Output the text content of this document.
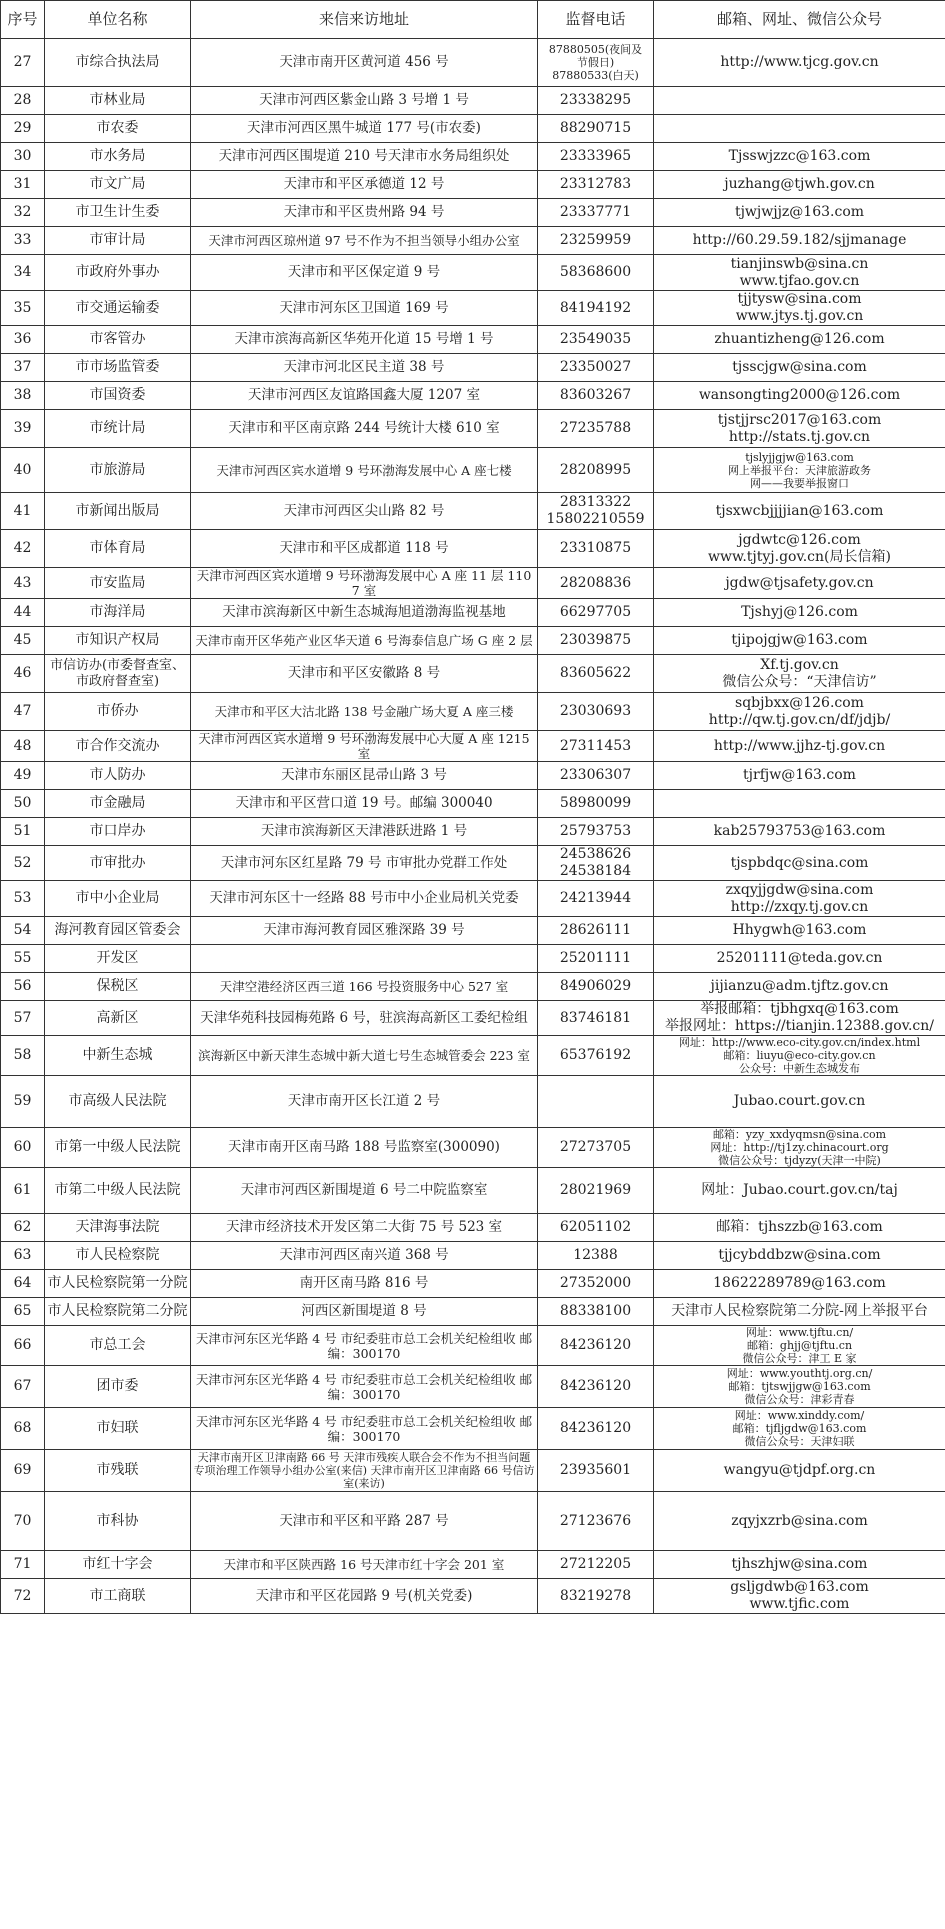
序号	单位名称	来信来访地址	监督电话	邮箱、网址、微信公众号
27	市综合执法局	天津市南开区黄河道 456 号	87880505(夜间及
节假日)
87880533(白天)	http://www.tjcg.gov.cn

28	市林业局	天津市河西区紫金山路 3 号增 1 号	23338295	

29	市农委	天津市河西区黑牛城道 177 号(市农委)	88290715	

30	市水务局	天津市河西区围堤道 210 号天津市水务局组织处	23333965	Tjsswjzzc@163.com

31	市文广局	天津市和平区承德道 12 号	23312783	juzhang@tjwh.gov.cn

32	市卫生计生委	天津市和平区贵州路 94 号	23337771	tjwjwjjz@163.com

33	市审计局	天津市河西区琼州道 97 号不作为不担当领导小组办公室	23259959	http://60.29.59.182/sjjmanage

34	市政府外事办	天津市和平区保定道 9 号	58368600	tianjinswb@sina.cn
www.tjfao.gov.cn

35	市交通运输委	天津市河东区卫国道 169 号	84194192	tjjtysw@sina.com
www.jtys.tj.gov.cn

36	市客管办	天津市滨海高新区华苑开化道 15 号增 1 号	23549035	zhuantizheng@126.com

37	市市场监管委	天津市河北区民主道 38 号	23350027	tjsscjgw@sina.com

38	市国资委	天津市河西区友谊路国鑫大厦 1207 室	83603267	wansongting2000@126.com

39	市统计局	天津市和平区南京路 244 号统计大楼 610 室	27235788	tjstjjrsc2017@163.com
http://stats.tj.gov.cn

40	市旅游局	天津市河西区宾水道增 9 号环渤海发展中心 A 座七楼	28208995	tjslyjjgjw@163.com
网上举报平台：天津旅游政务
网——我要举报窗口

41	市新闻出版局	天津市河西区尖山路 82 号	28313322
15802210559	tjsxwcbjjjjian@163.com

42	市体育局	天津市和平区成都道 118 号	23310875	jgdwtc@126.com
www.tjtyj.gov.cn(局长信箱)

43	市安监局	天津市河西区宾水道增 9 号环渤海发展中心 A 座 11 层 1107 室	28208836	jgdw@tjsafety.gov.cn

44	市海洋局	天津市滨海新区中新生态城海旭道渤海监视基地	66297705	Tjshyj@126.com

45	市知识产权局	天津市南开区华苑产业区华天道 6 号海泰信息广场 G 座 2 层	23039875	tjipojgjw@163.com

46	市信访办(市委督查室、市政府督查室)	天津市和平区安徽路 8 号	83605622	Xf.tj.gov.cn
微信公众号：“天津信访”

47	市侨办	天津市和平区大沽北路 138 号金融广场大夏 A 座三楼	23030693	sqbjbxx@126.com
http://qw.tj.gov.cn/df/jdjb/

48	市合作交流办	天津市河西区宾水道增 9 号环渤海发展中心大厦 A 座 1215 室	27311453	http://www.jjhz-tj.gov.cn

49	市人防办	天津市东丽区昆帚山路 3 号	23306307	tjrfjw@163.com

50	市金融局	天津市和平区营口道 19 号。邮编 300040	58980099	

51	市口岸办	天津市滨海新区天津港跃进路 1 号	25793753	kab25793753@163.com

52	市审批办	天津市河东区红星路 79 号 市审批办党群工作处	24538626
24538184	tjspbdqc@sina.com

53	市中小企业局	天津市河东区十一经路 88 号市中小企业局机关党委	24213944	zxqyjjgdw@sina.com
http://zxqy.tj.gov.cn

54	海河教育园区管委会	天津市海河教育园区雅深路 39 号	28626111	Hhygwh@163.com

55	开发区		25201111	25201111@teda.gov.cn

56	保税区	天津空港经济区西三道 166 号投资服务中心 527 室	84906029	jijianzu@adm.tjftz.gov.cn

57	高新区	天津华苑科技园梅苑路 6 号，驻滨海高新区工委纪检组	83746181	举报邮箱：tjbhgxq@163.com
举报网址：https://tianjin.12388.gov.cn/

58	中新生态城	滨海新区中新天津生态城中新大道七号生态城管委会 223 室	65376192	网址：http://www.eco-city.gov.cn/index.html
邮箱：liuyu@eco-city.gov.cn
公众号：中新生态城发布

59	市高级人民法院	天津市南开区长江道 2 号		Jubao.court.gov.cn

60	市第一中级人民法院	天津市南开区南马路 188 号监察室(300090)	27273705	邮箱：yzy_xxdyqmsn@sina.com
网址：http://tj1zy.chinacourt.org
微信公众号：tjdyzy(天津一中院)

61	市第二中级人民法院	天津市河西区新围堤道 6 号二中院监察室	28021969	网址：Jubao.court.gov.cn/taj

62	天津海事法院	天津市经济技术开发区第二大街 75 号 523 室	62051102	邮箱：tjhszzb@163.com

63	市人民检察院	天津市河西区南兴道 368 号	12388	tjjcybddbzw@sina.com

64	市人民检察院第一分院	南开区南马路 816 号	27352000	18622289789@163.com

65	市人民检察院第二分院	河西区新围堤道 8 号	88338100	天津市人民检察院第二分院-网上举报平台

66	市总工会	天津市河东区光华路 4 号 市纪委驻市总工会机关纪检组收 邮编：300170	84236120	网址：www.tjftu.cn/
邮箱：ghjj@tjftu.cn
微信公众号：津工 E 家

67	团市委	天津市河东区光华路 4 号 市纪委驻市总工会机关纪检组收 邮编：300170	84236120	网址：www.youthtj.org.cn/
邮箱：tjtswjjgw@163.com
微信公众号：津彩青春

68	市妇联	天津市河东区光华路 4 号 市纪委驻市总工会机关纪检组收 邮编：300170	84236120	网址：www.xinddy.com/
邮箱：tjfljgdw@163.com
微信公众号：天津妇联

69	市残联	天津市南开区卫津南路 66 号 天津市残疾人联合会不作为不担当问题专项治理工作领导小组办公室(来信) 天津市南开区卫津南路 66 号信访室(来访)	23935601	wangyu@tjdpf.org.cn

70	市科协	天津市和平区和平路 287 号	27123676	zqyjxzrb@sina.com

71	市红十字会	天津市和平区陕西路 16 号天津市红十字会 201 室	27212205	tjhszhjw@sina.com

72	市工商联	天津市和平区花园路 9 号(机关党委)	83219278	gsljgdwb@163.com
www.tjfic.com
